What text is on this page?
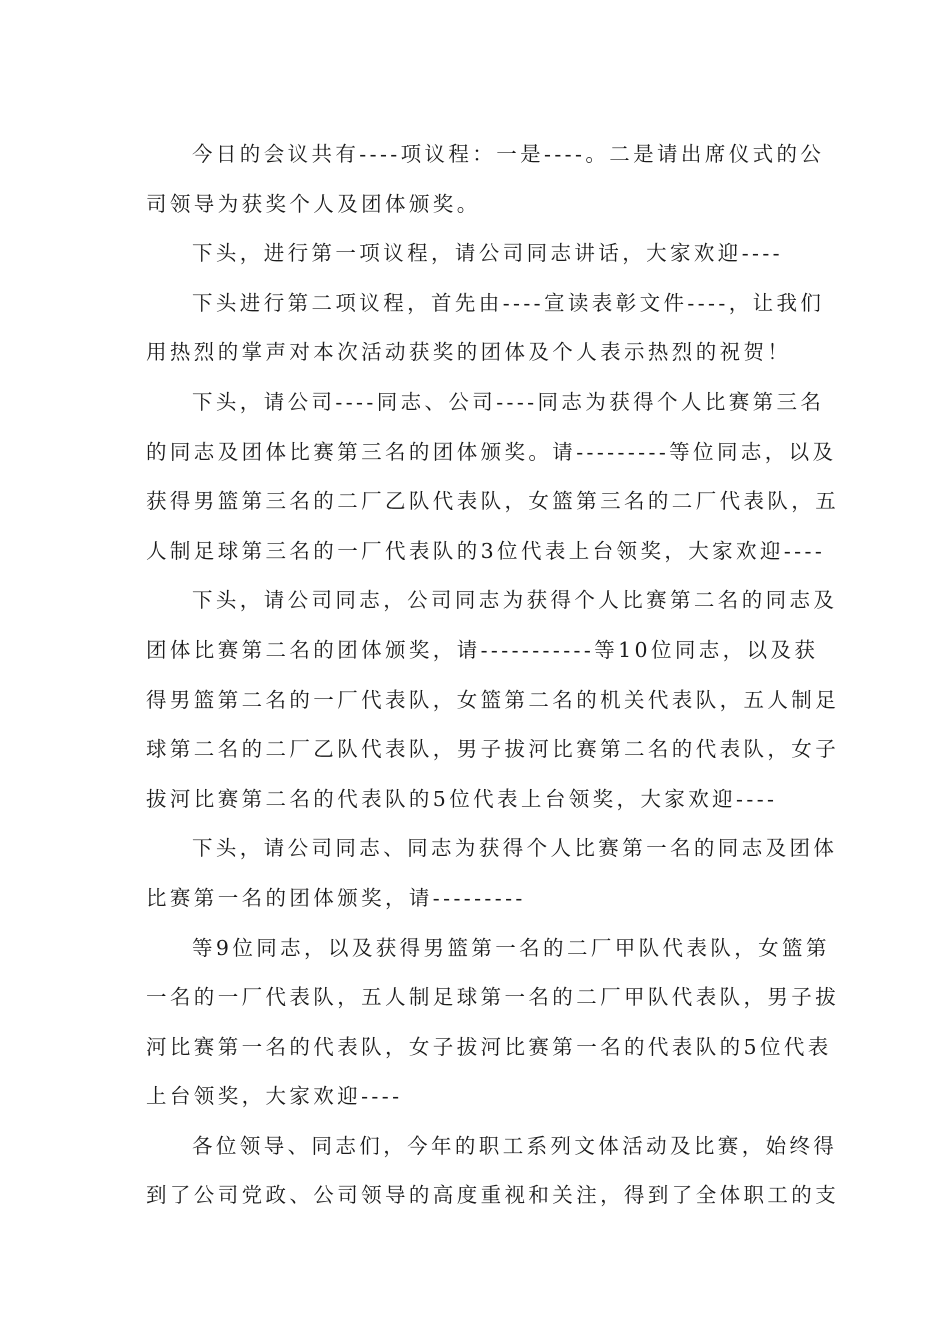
今日的会议共有----项议程：一是----。二是请出席仪式的公
司领导为获奖个人及团体颁奖。
下头，进行第一项议程，请公司同志讲话，大家欢迎----
下头进行第二项议程，首先由----宣读表彰文件----，让我们
用热烈的掌声对本次活动获奖的团体及个人表示热烈的祝贺！
下头，请公司----同志、公司----同志为获得个人比赛第三名
的同志及团体比赛第三名的团体颁奖。请---------等位同志，以及
获得男篮第三名的二厂乙队代表队，女篮第三名的二厂代表队，五
人制足球第三名的一厂代表队的3位代表上台领奖，大家欢迎----
下头，请公司同志，公司同志为获得个人比赛第二名的同志及
团体比赛第二名的团体颁奖，请-----------等10位同志，以及获
得男篮第二名的一厂代表队，女篮第二名的机关代表队，五人制足
球第二名的二厂乙队代表队，男子拔河比赛第二名的代表队，女子
拔河比赛第二名的代表队的5位代表上台领奖，大家欢迎----
下头，请公司同志、同志为获得个人比赛第一名的同志及团体
比赛第一名的团体颁奖，请---------
等9位同志，以及获得男篮第一名的二厂甲队代表队，女篮第
一名的一厂代表队，五人制足球第一名的二厂甲队代表队，男子拔
河比赛第一名的代表队，女子拔河比赛第一名的代表队的5位代表
上台领奖，大家欢迎----
各位领导、同志们，今年的职工系列文体活动及比赛，始终得
到了公司党政、公司领导的高度重视和关注，得到了全体职工的支
